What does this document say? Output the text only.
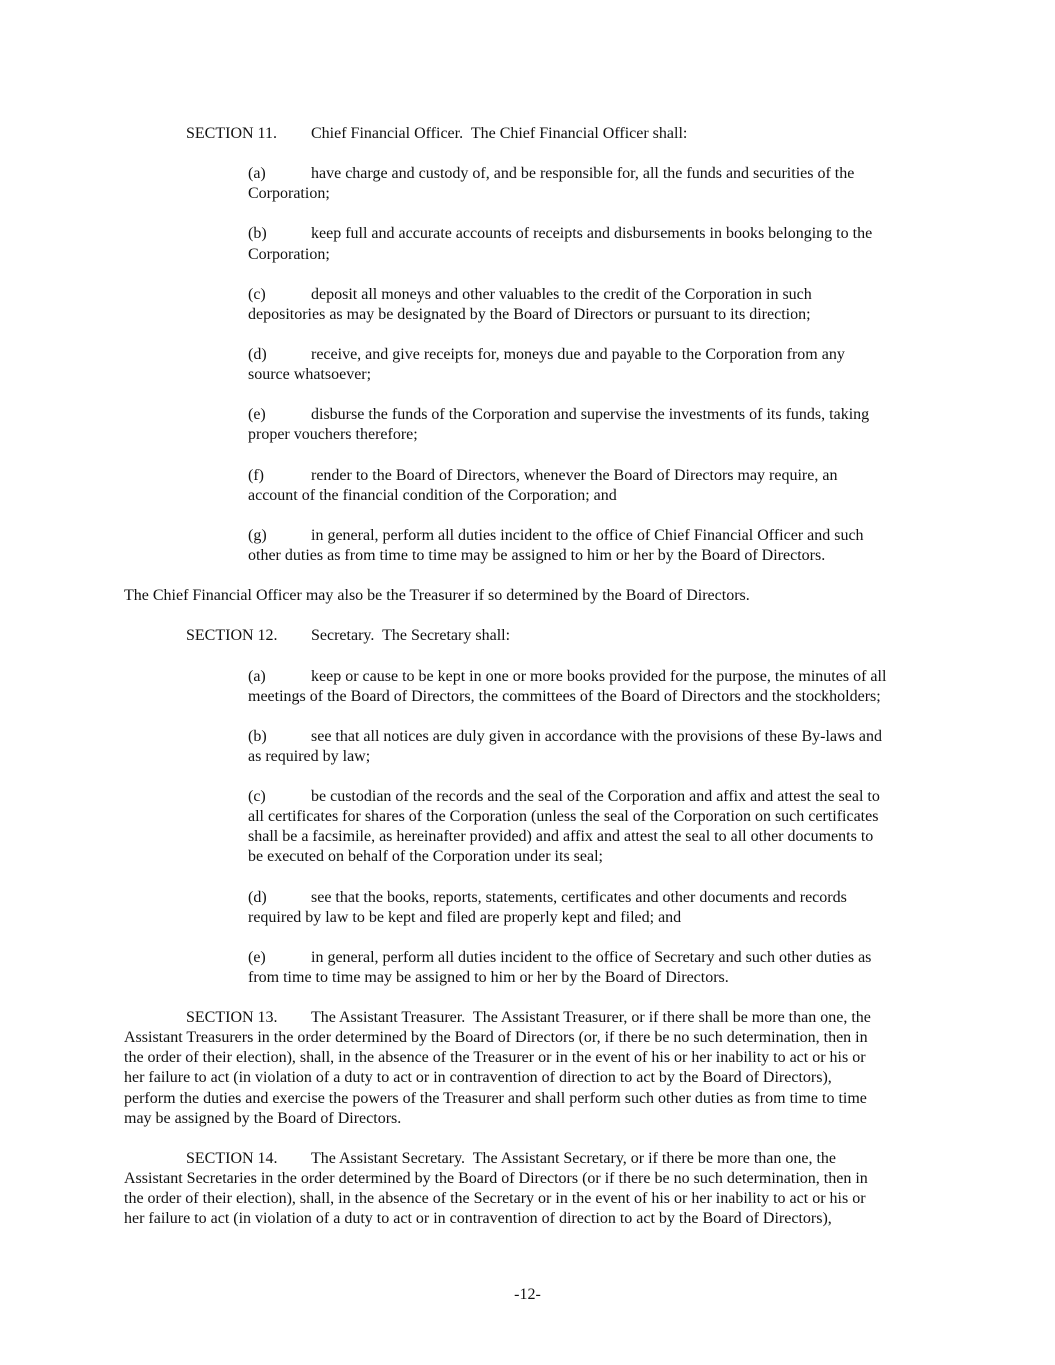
SECTION 11. Chief Financial Officer.  The Chief Financial Officer shall:
(a)	have charge and custody of, and be responsible for, all the funds and securities of the
Corporation;
(b)	keep full and accurate accounts of receipts and disbursements in books belonging to the
Corporation;
(c)	deposit all moneys and other valuables to the credit of the Corporation in such
depositories as may be designated by the Board of Directors or pursuant to its direction;
(d)	receive, and give receipts for, moneys due and payable to the Corporation from any
source whatsoever;
(e)	disburse the funds of the Corporation and supervise the investments of its funds, taking
proper vouchers therefore;
(f)	render to the Board of Directors, whenever the Board of Directors may require, an
account of the financial condition of the Corporation; and
(g)	in general, perform all duties incident to the office of Chief Financial Officer and such
other duties as from time to time may be assigned to him or her by the Board of Directors.
The Chief Financial Officer may also be the Treasurer if so determined by the Board of Directors.
SECTION 12. Secretary.  The Secretary shall:
(a)	keep or cause to be kept in one or more books provided for the purpose, the minutes of all
meetings of the Board of Directors, the committees of the Board of Directors and the stockholders;
(b)	see that all notices are duly given in accordance with the provisions of these By-laws and
as required by law;
(c)	be custodian of the records and the seal of the Corporation and affix and attest the seal to
all certificates for shares of the Corporation (unless the seal of the Corporation on such certificates
shall be a facsimile, as hereinafter provided) and affix and attest the seal to all other documents to
be executed on behalf of the Corporation under its seal;
(d)	see that the books, reports, statements, certificates and other documents and records
required by law to be kept and filed are properly kept and filed; and
(e)	in general, perform all duties incident to the office of Secretary and such other duties as
from time to time may be assigned to him or her by the Board of Directors.
SECTION 13. The Assistant Treasurer.  The Assistant Treasurer, or if there shall be more than one, the
Assistant Treasurers in the order determined by the Board of Directors (or, if there be no such determination, then in
the order of their election), shall, in the absence of the Treasurer or in the event of his or her inability to act or his or
her failure to act (in violation of a duty to act or in contravention of direction to act by the Board of Directors),
perform the duties and exercise the powers of the Treasurer and shall perform such other duties as from time to time
may be assigned by the Board of Directors.
SECTION 14. The Assistant Secretary.  The Assistant Secretary, or if there be more than one, the
Assistant Secretaries in the order determined by the Board of Directors (or if there be no such determination, then in
the order of their election), shall, in the absence of the Secretary or in the event of his or her inability to act or his or
her failure to act (in violation of a duty to act or in contravention of direction to act by the Board of Directors),
-12-
